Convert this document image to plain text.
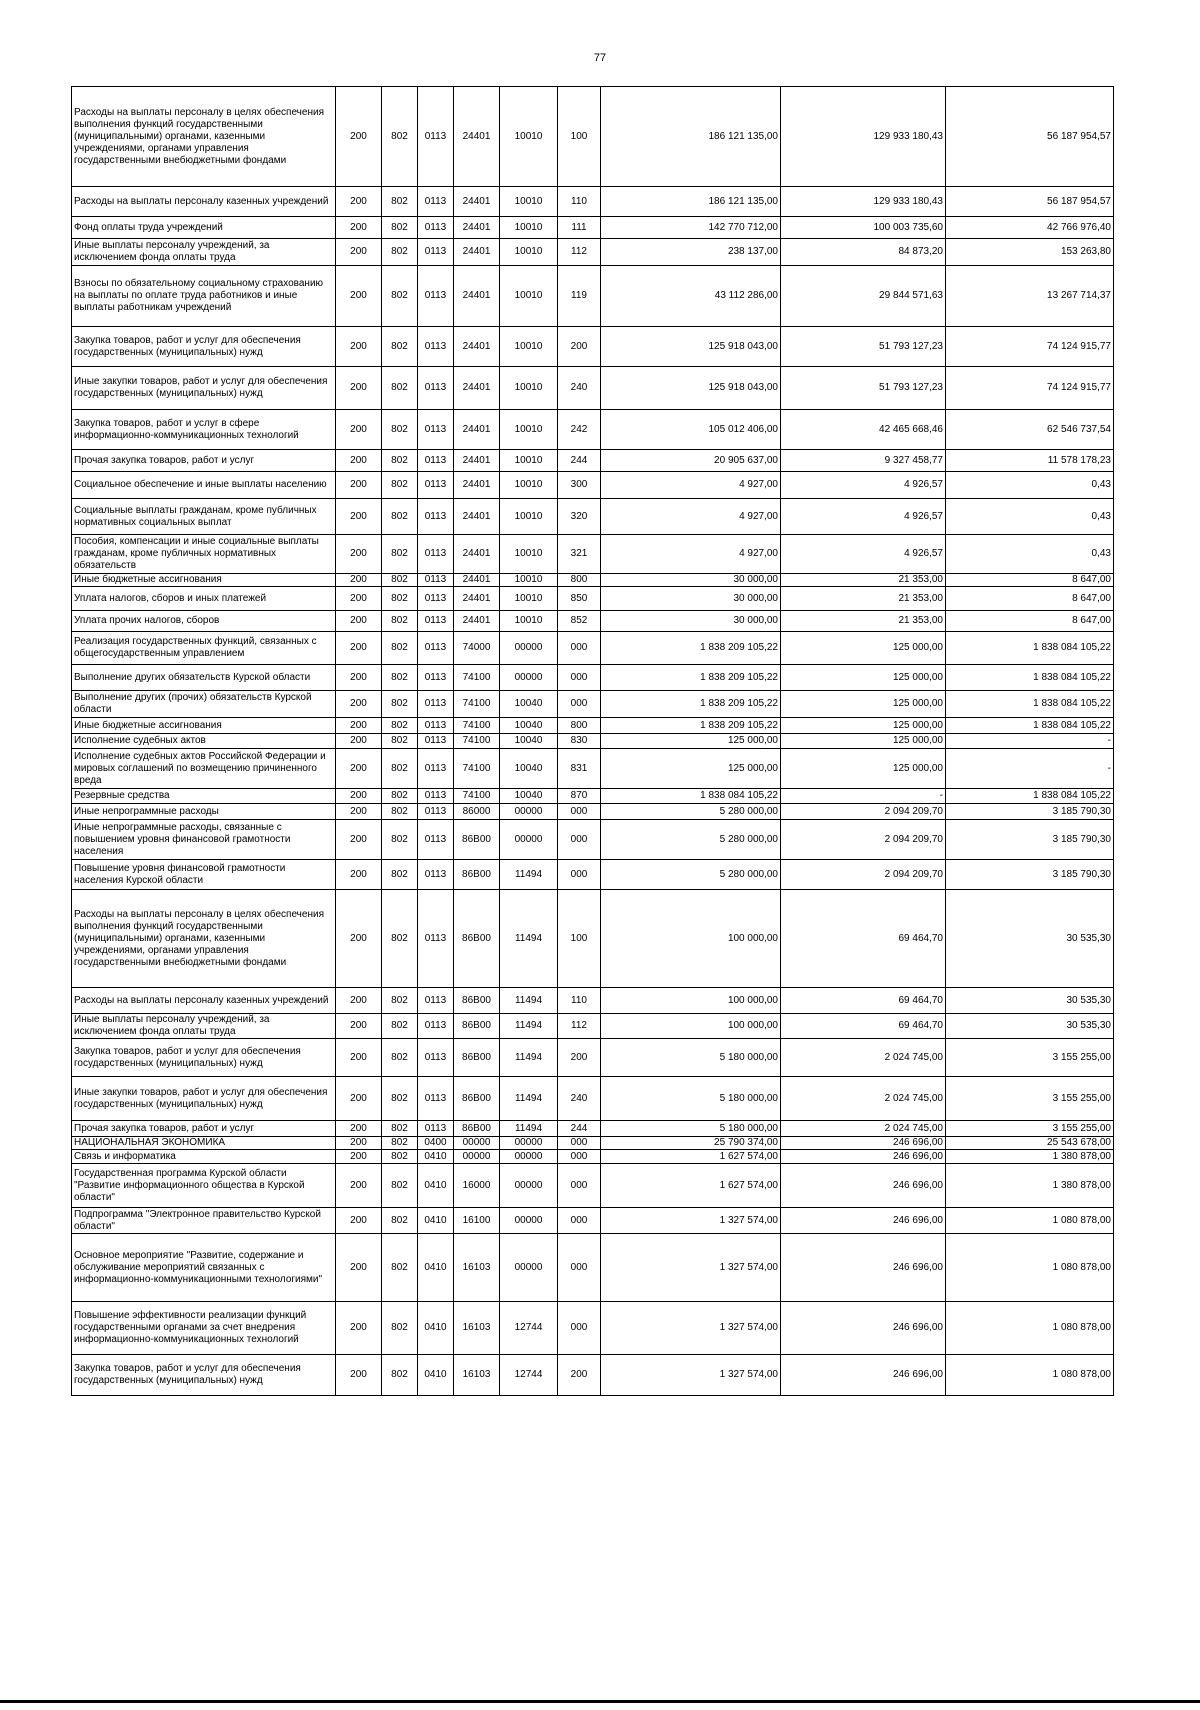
77
Расходы на выплаты персоналу в целях обеспечения выполнения функций государственными (муниципальными) органами, казенными учреждениями, органами управления государственными внебюджетными фондами	200	802	0113	24401	10010	100	186 121 135,00	129 933 180,43	56 187 954,57
Расходы на выплаты персоналу казенных учреждений	200	802	0113	24401	10010	110	186 121 135,00	129 933 180,43	56 187 954,57
Фонд оплаты труда учреждений	200	802	0113	24401	10010	111	142 770 712,00	100 003 735,60	42 766 976,40
Иные выплаты персоналу учреждений, за исключением фонда оплаты труда	200	802	0113	24401	10010	112	238 137,00	84 873,20	153 263,80
Взносы по обязательному социальному страхованию на выплаты по оплате труда работников и иные выплаты работникам учреждений	200	802	0113	24401	10010	119	43 112 286,00	29 844 571,63	13 267 714,37
Закупка товаров, работ и услуг для обеспечения государственных (муниципальных) нужд	200	802	0113	24401	10010	200	125 918 043,00	51 793 127,23	74 124 915,77
Иные закупки товаров, работ и услуг для обеспечения государственных (муниципальных) нужд	200	802	0113	24401	10010	240	125 918 043,00	51 793 127,23	74 124 915,77
Закупка товаров, работ и услуг в сфере информационно-коммуникационных технологий	200	802	0113	24401	10010	242	105 012 406,00	42 465 668,46	62 546 737,54
Прочая закупка товаров, работ и услуг	200	802	0113	24401	10010	244	20 905 637,00	9 327 458,77	11 578 178,23
Социальное обеспечение и иные выплаты населению	200	802	0113	24401	10010	300	4 927,00	4 926,57	0,43
Социальные выплаты гражданам, кроме публичных нормативных социальных выплат	200	802	0113	24401	10010	320	4 927,00	4 926,57	0,43
Пособия, компенсации и иные социальные выплаты гражданам, кроме публичных нормативных обязательств	200	802	0113	24401	10010	321	4 927,00	4 926,57	0,43
Иные бюджетные ассигнования	200	802	0113	24401	10010	800	30 000,00	21 353,00	8 647,00
Уплата налогов, сборов и иных платежей	200	802	0113	24401	10010	850	30 000,00	21 353,00	8 647,00
Уплата прочих налогов, сборов	200	802	0113	24401	10010	852	30 000,00	21 353,00	8 647,00
Реализация государственных функций, связанных с общегосударственным управлением	200	802	0113	74000	00000	000	1 838 209 105,22	125 000,00	1 838 084 105,22
Выполнение других обязательств Курской области	200	802	0113	74100	00000	000	1 838 209 105,22	125 000,00	1 838 084 105,22
Выполнение других (прочих) обязательств Курской области	200	802	0113	74100	10040	000	1 838 209 105,22	125 000,00	1 838 084 105,22
Иные бюджетные ассигнования	200	802	0113	74100	10040	800	1 838 209 105,22	125 000,00	1 838 084 105,22
Исполнение судебных актов	200	802	0113	74100	10040	830	125 000,00	125 000,00	-
Исполнение судебных актов Российской Федерации и мировых соглашений по возмещению причиненного вреда	200	802	0113	74100	10040	831	125 000,00	125 000,00	-
Резервные средства	200	802	0113	74100	10040	870	1 838 084 105,22	-	1 838 084 105,22
Иные непрограммные расходы	200	802	0113	86000	00000	000	5 280 000,00	2 094 209,70	3 185 790,30
Иные непрограммные расходы, связанные с повышением уровня финансовой грамотности населения	200	802	0113	86В00	00000	000	5 280 000,00	2 094 209,70	3 185 790,30
Повышение уровня финансовой грамотности населения Курской области	200	802	0113	86В00	11494	000	5 280 000,00	2 094 209,70	3 185 790,30
Расходы на выплаты персоналу в целях обеспечения выполнения функций государственными (муниципальными) органами, казенными учреждениями, органами управления государственными внебюджетными фондами	200	802	0113	86В00	11494	100	100 000,00	69 464,70	30 535,30
Расходы на выплаты персоналу казенных учреждений	200	802	0113	86В00	11494	110	100 000,00	69 464,70	30 535,30
Иные выплаты персоналу учреждений, за исключением фонда оплаты труда	200	802	0113	86В00	11494	112	100 000,00	69 464,70	30 535,30
Закупка товаров, работ и услуг для обеспечения государственных (муниципальных) нужд	200	802	0113	86В00	11494	200	5 180 000,00	2 024 745,00	3 155 255,00
Иные закупки товаров, работ и услуг для обеспечения государственных (муниципальных) нужд	200	802	0113	86В00	11494	240	5 180 000,00	2 024 745,00	3 155 255,00
Прочая закупка товаров, работ и услуг	200	802	0113	86В00	11494	244	5 180 000,00	2 024 745,00	3 155 255,00
НАЦИОНАЛЬНАЯ ЭКОНОМИКА	200	802	0400	00000	00000	000	25 790 374,00	246 696,00	25 543 678,00
Связь и информатика	200	802	0410	00000	00000	000	1 627 574,00	246 696,00	1 380 878,00
Государственная программа Курской области "Развитие информационного общества в Курской области"	200	802	0410	16000	00000	000	1 627 574,00	246 696,00	1 380 878,00
Подпрограмма "Электронное правительство Курской области"	200	802	0410	16100	00000	000	1 327 574,00	246 696,00	1 080 878,00
Основное мероприятие "Развитие, содержание и обслуживание мероприятий связанных с информационно-коммуникационными технологиями"	200	802	0410	16103	00000	000	1 327 574,00	246 696,00	1 080 878,00
Повышение эффективности реализации функций государственными органами за счет внедрения информационно-коммуникационных технологий	200	802	0410	16103	12744	000	1 327 574,00	246 696,00	1 080 878,00
Закупка товаров, работ и услуг для обеспечения государственных (муниципальных) нужд	200	802	0410	16103	12744	200	1 327 574,00	246 696,00	1 080 878,00
